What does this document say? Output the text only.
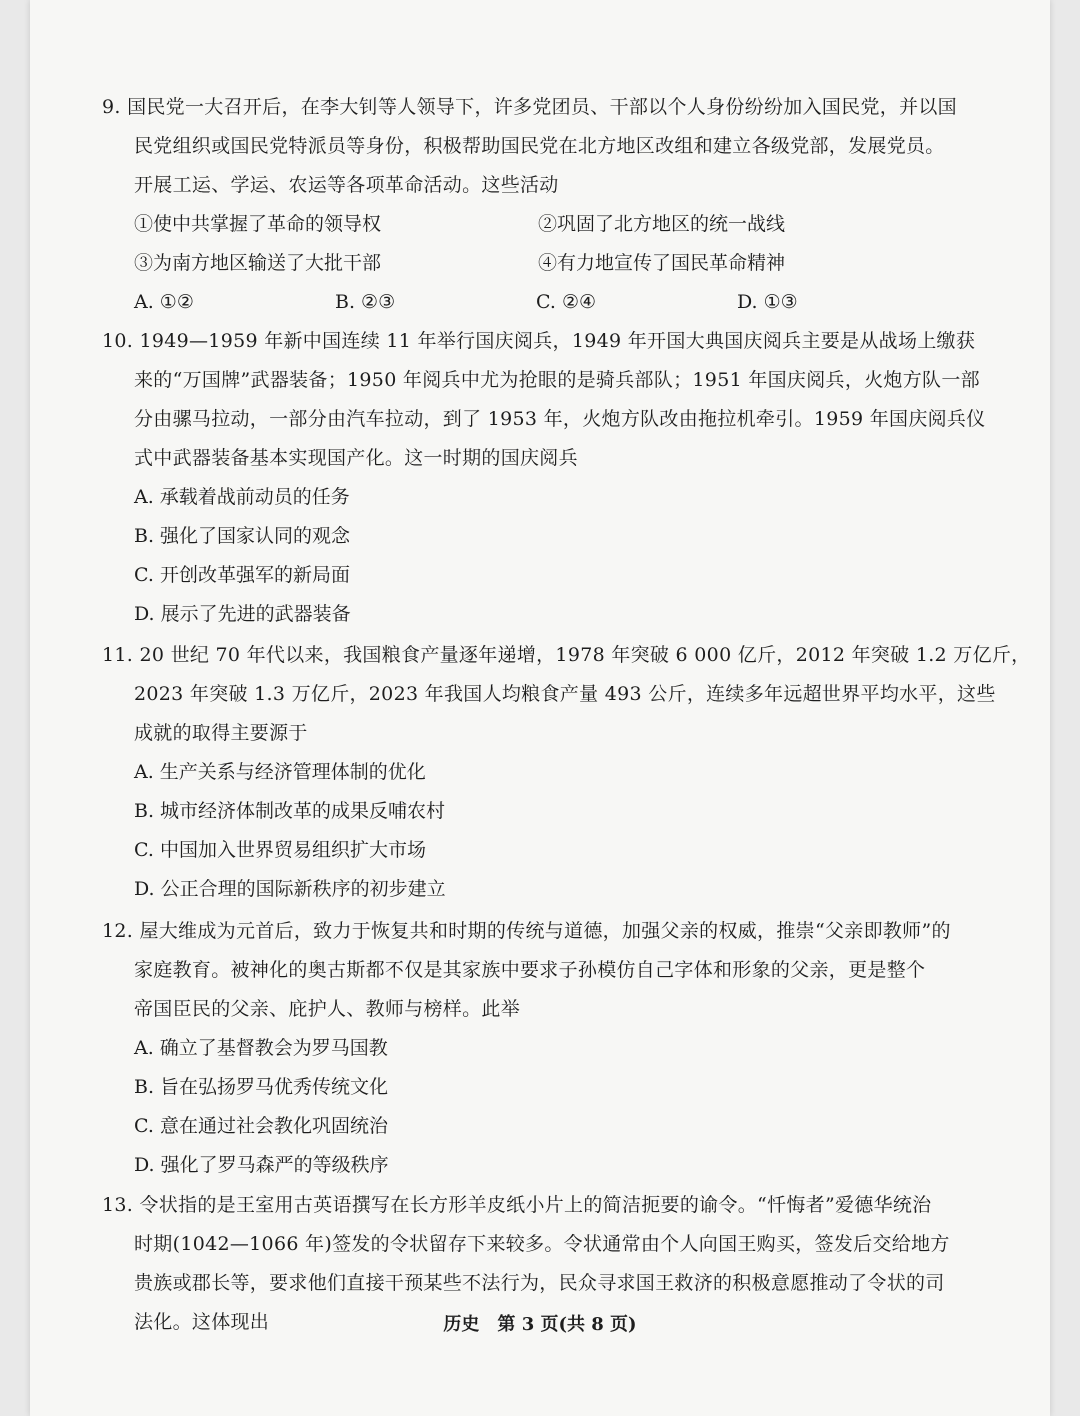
9. 国民党一大召开后，在李大钊等人领导下，许多党团员、干部以个人身份纷纷加入国民党，并以国
民党组织或国民党特派员等身份，积极帮助国民党在北方地区改组和建立各级党部，发展党员。
开展工运、学运、农运等各项革命活动。这些活动
①使中共掌握了革命的领导权	②巩固了北方地区的统一战线
③为南方地区输送了大批干部	④有力地宣传了国民革命精神
A. ①②	B. ②③	C. ②④	D. ①③
10. 1949—1959 年新中国连续 11 年举行国庆阅兵，1949 年开国大典国庆阅兵主要是从战场上缴获
来的“万国牌”武器装备；1950 年阅兵中尤为抢眼的是骑兵部队；1951 年国庆阅兵，火炮方队一部
分由骡马拉动，一部分由汽车拉动，到了 1953 年，火炮方队改由拖拉机牵引。1959 年国庆阅兵仪
式中武器装备基本实现国产化。这一时期的国庆阅兵
A. 承载着战前动员的任务
B. 强化了国家认同的观念
C. 开创改革强军的新局面
D. 展示了先进的武器装备
11. 20 世纪 70 年代以来，我国粮食产量逐年递增，1978 年突破 6 000 亿斤，2012 年突破 1.2 万亿斤，
2023 年突破 1.3 万亿斤，2023 年我国人均粮食产量 493 公斤，连续多年远超世界平均水平，这些
成就的取得主要源于
A. 生产关系与经济管理体制的优化
B. 城市经济体制改革的成果反哺农村
C. 中国加入世界贸易组织扩大市场
D. 公正合理的国际新秩序的初步建立
12. 屋大维成为元首后，致力于恢复共和时期的传统与道德，加强父亲的权威，推崇“父亲即教师”的
家庭教育。被神化的奥古斯都不仅是其家族中要求子孙模仿自己字体和形象的父亲，更是整个
帝国臣民的父亲、庇护人、教师与榜样。此举
A. 确立了基督教会为罗马国教
B. 旨在弘扬罗马优秀传统文化
C. 意在通过社会教化巩固统治
D. 强化了罗马森严的等级秩序
13. 令状指的是王室用古英语撰写在长方形羊皮纸小片上的简洁扼要的谕令。“忏悔者”爱德华统治
时期(1042—1066 年)签发的令状留存下来较多。令状通常由个人向国王购买，签发后交给地方
贵族或郡长等，要求他们直接干预某些不法行为，民众寻求国王救济的积极意愿推动了令状的司
法化。这体现出	历史　第 3 页(共 8 页)
